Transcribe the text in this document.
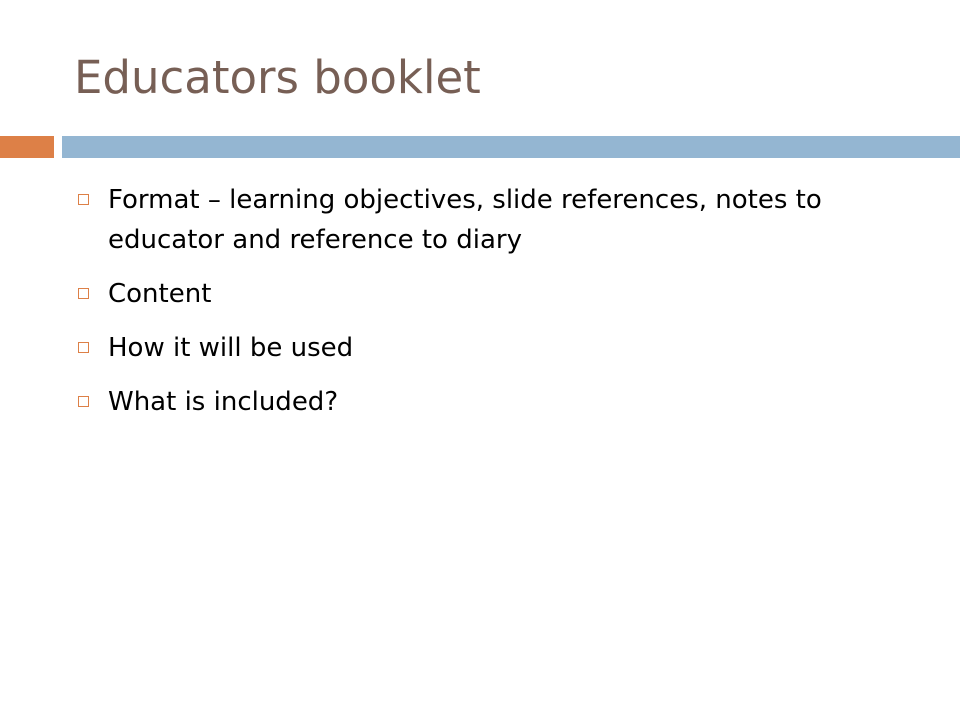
Educators booklet
Format – learning objectives, slide references, notes to educator and reference to diary
Content
How it will be used
What is included?
